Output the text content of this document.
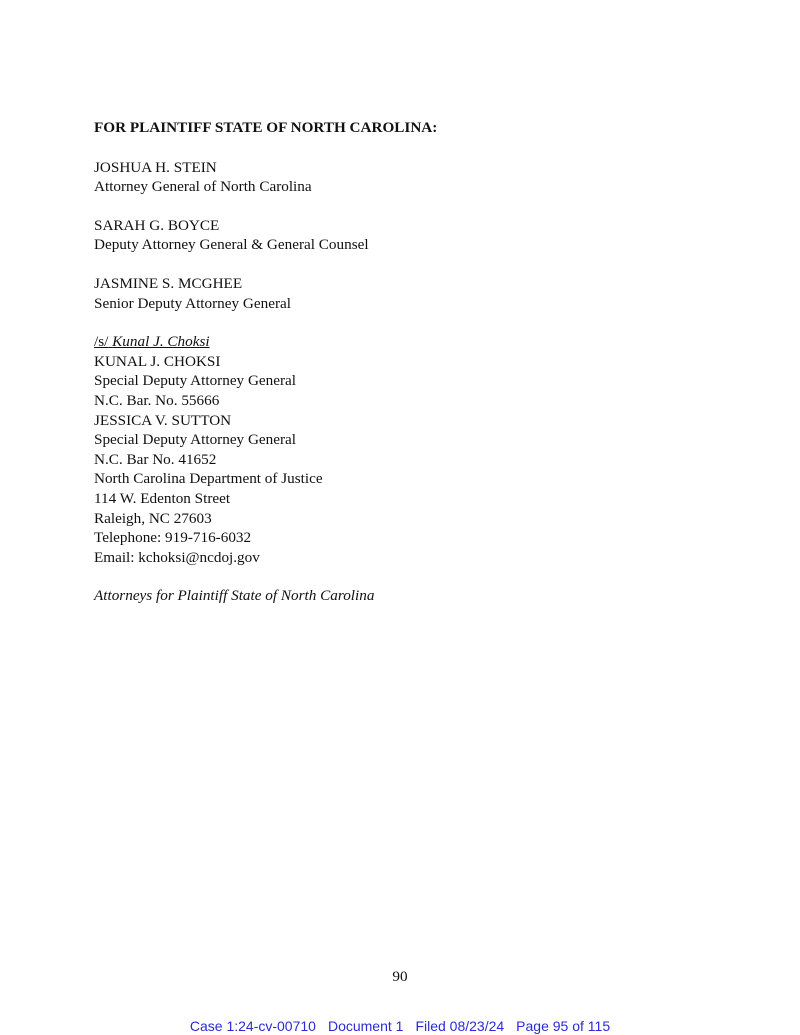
FOR PLAINTIFF STATE OF NORTH CAROLINA:
JOSHUA H. STEIN
Attorney General of North Carolina
SARAH G. BOYCE
Deputy Attorney General & General Counsel
JASMINE S. MCGHEE
Senior Deputy Attorney General
/s/ Kunal J. Choksi
KUNAL J. CHOKSI
Special Deputy Attorney General
N.C. Bar. No. 55666
JESSICA V. SUTTON
Special Deputy Attorney General
N.C. Bar No. 41652
North Carolina Department of Justice
114 W. Edenton Street
Raleigh, NC 27603
Telephone: 919-716-6032
Email: kchoksi@ncdoj.gov
Attorneys for Plaintiff State of North Carolina
90
Case 1:24-cv-00710 Document 1 Filed 08/23/24 Page 95 of 115
